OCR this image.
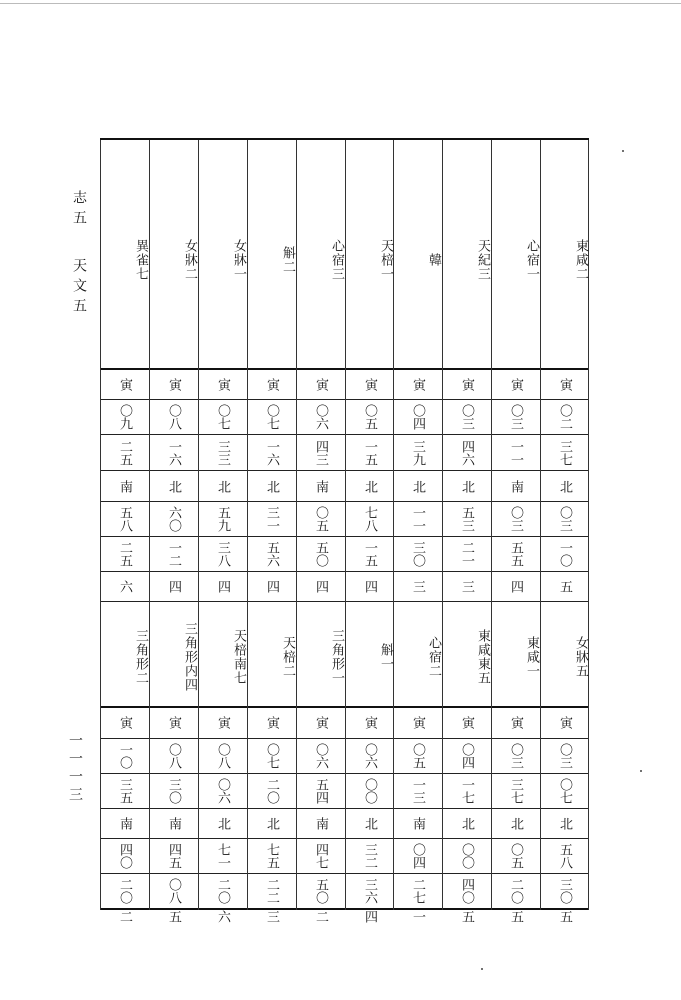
志五
天文五
一一一三
異雀七
寅
〇九
二五
南
五八
二五
六
三角形二
寅
一〇
三五
南
四〇
二〇
二
女牀二
寅
〇八
一六
北
六〇
一二
四
三角形内四
寅
〇八
三〇
南
四五
〇八
五
女牀一
寅
〇七
三三
北
五九
三八
四
天棓南七
寅
〇八
〇六
北
七一
二〇
六
斛二
寅
〇七
一六
北
三一
五六
四
天棓二
寅
〇七
二〇
北
七五
二二
三
心宿三
寅
〇六
四三
南
〇五
五〇
四
三角形一
寅
〇六
五四
南
四七
五〇
二
天棓一
寅
〇五
一五
北
七八
一五
四
斛一
寅
〇六
〇〇
北
三二
三六
四
韓
寅
〇四
三九
北
一一
三〇
三
心宿二
寅
〇五
一三
南
〇四
二七
一
天紀三
寅
〇三
四六
北
五三
二一
三
東咸東五
寅
〇四
一七
北
〇〇
四〇
五
心宿一
寅
〇三
一一
南
〇三
五五
四
東咸一
寅
〇三
三七
北
〇五
二〇
五
東咸二
寅
〇二
三七
北
〇三
一〇
五
女牀五
寅
〇三
〇七
北
五八
三〇
五
